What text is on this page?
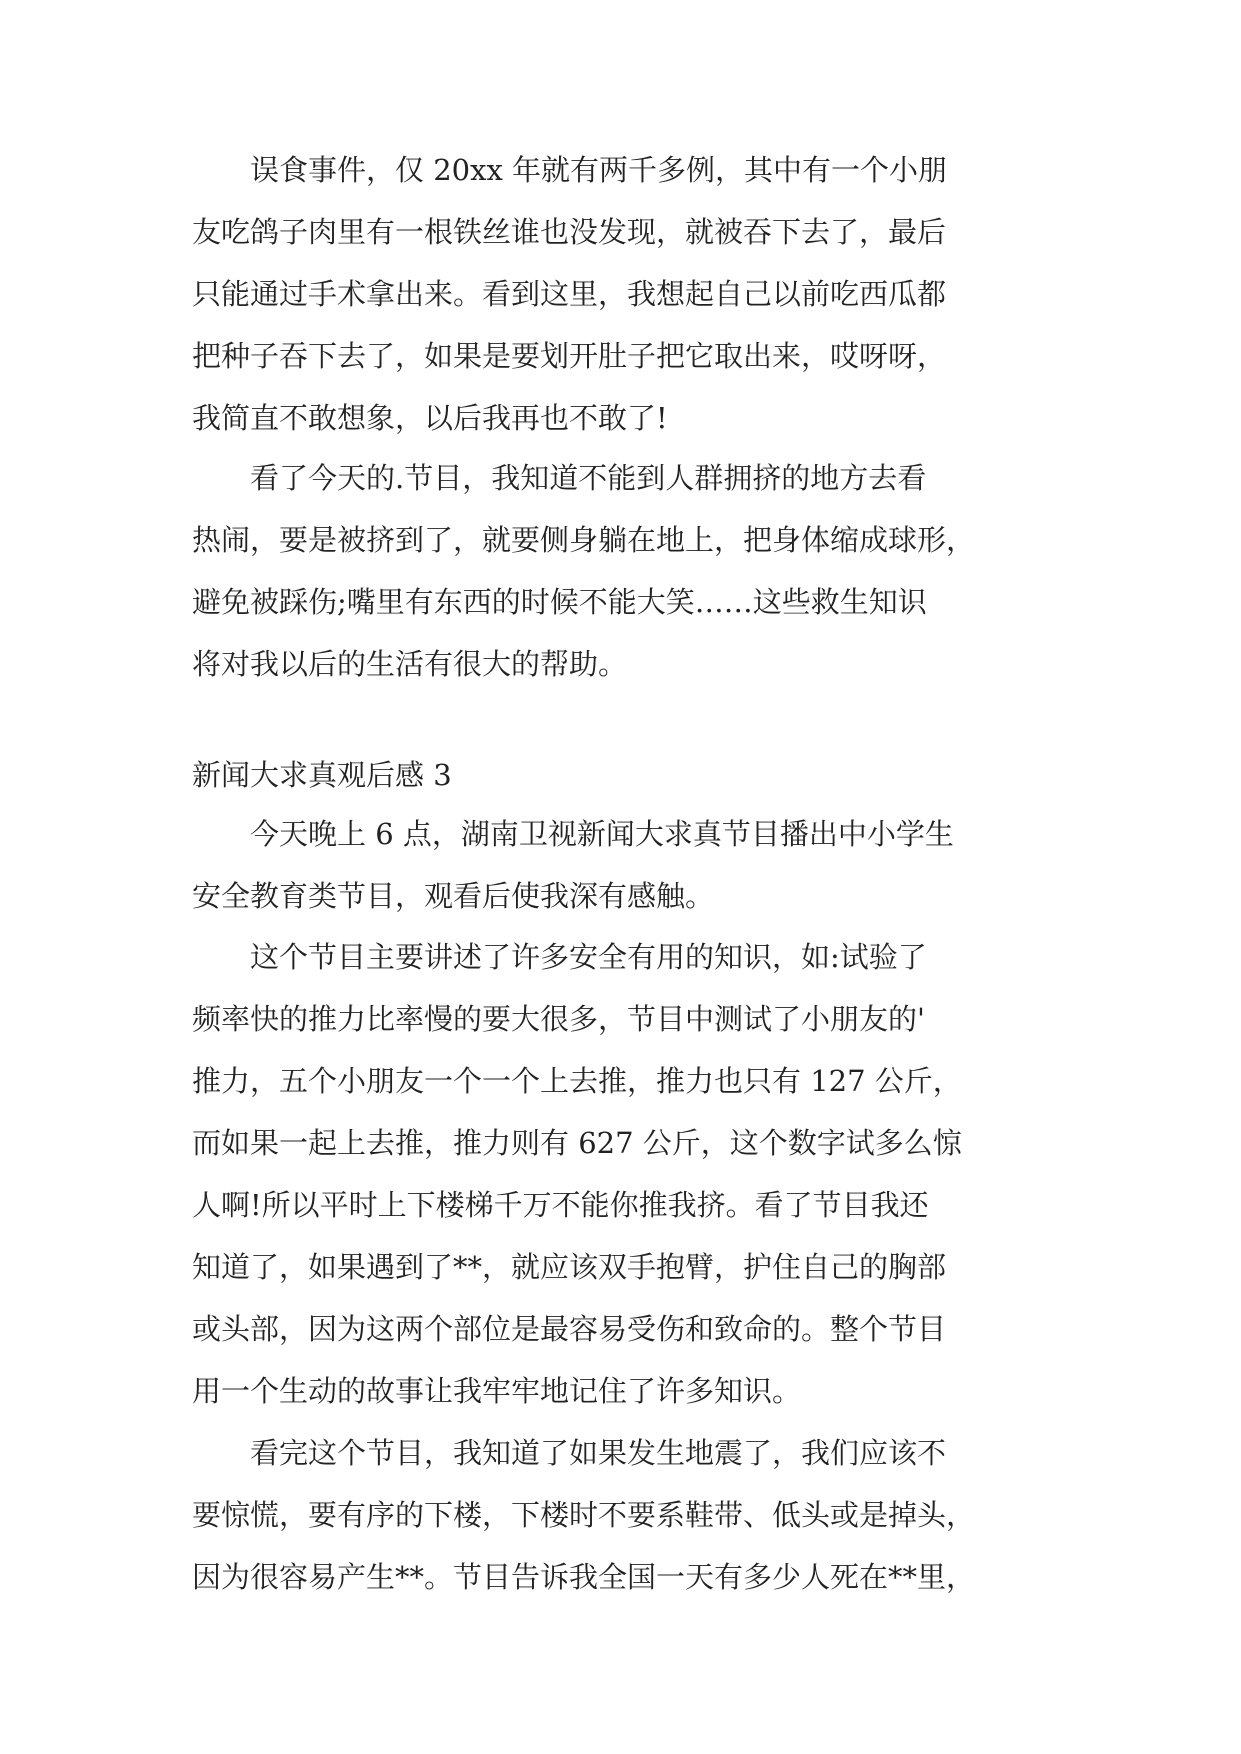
　　误食事件，仅 20xx 年就有两千多例，其中有一个小朋
友吃鸽子肉里有一根铁丝谁也没发现，就被吞下去了，最后
只能通过手术拿出来。看到这里，我想起自己以前吃西瓜都
把种子吞下去了，如果是要划开肚子把它取出来，哎呀呀，
我简直不敢想象，以后我再也不敢了!
　　看了今天的.节目，我知道不能到人群拥挤的地方去看
热闹，要是被挤到了，就要侧身躺在地上，把身体缩成球形，
避免被踩伤;嘴里有东西的时候不能大笑……这些救生知识
将对我以后的生活有很大的帮助。
新闻大求真观后感 3
　　今天晚上 6 点，湖南卫视新闻大求真节目播出中小学生
安全教育类节目，观看后使我深有感触。
　　这个节目主要讲述了许多安全有用的知识，如:试验了
频率快的推力比率慢的要大很多，节目中测试了小朋友的'
推力，五个小朋友一个一个上去推，推力也只有 127 公斤，
而如果一起上去推，推力则有 627 公斤，这个数字试多么惊
人啊!所以平时上下楼梯千万不能你推我挤。看了节目我还
知道了，如果遇到了**，就应该双手抱臂，护住自己的胸部
或头部，因为这两个部位是最容易受伤和致命的。整个节目
用一个生动的故事让我牢牢地记住了许多知识。
　　看完这个节目，我知道了如果发生地震了，我们应该不
要惊慌，要有序的下楼，下楼时不要系鞋带、低头或是掉头，
因为很容易产生**。节目告诉我全国一天有多少人死在**里，
